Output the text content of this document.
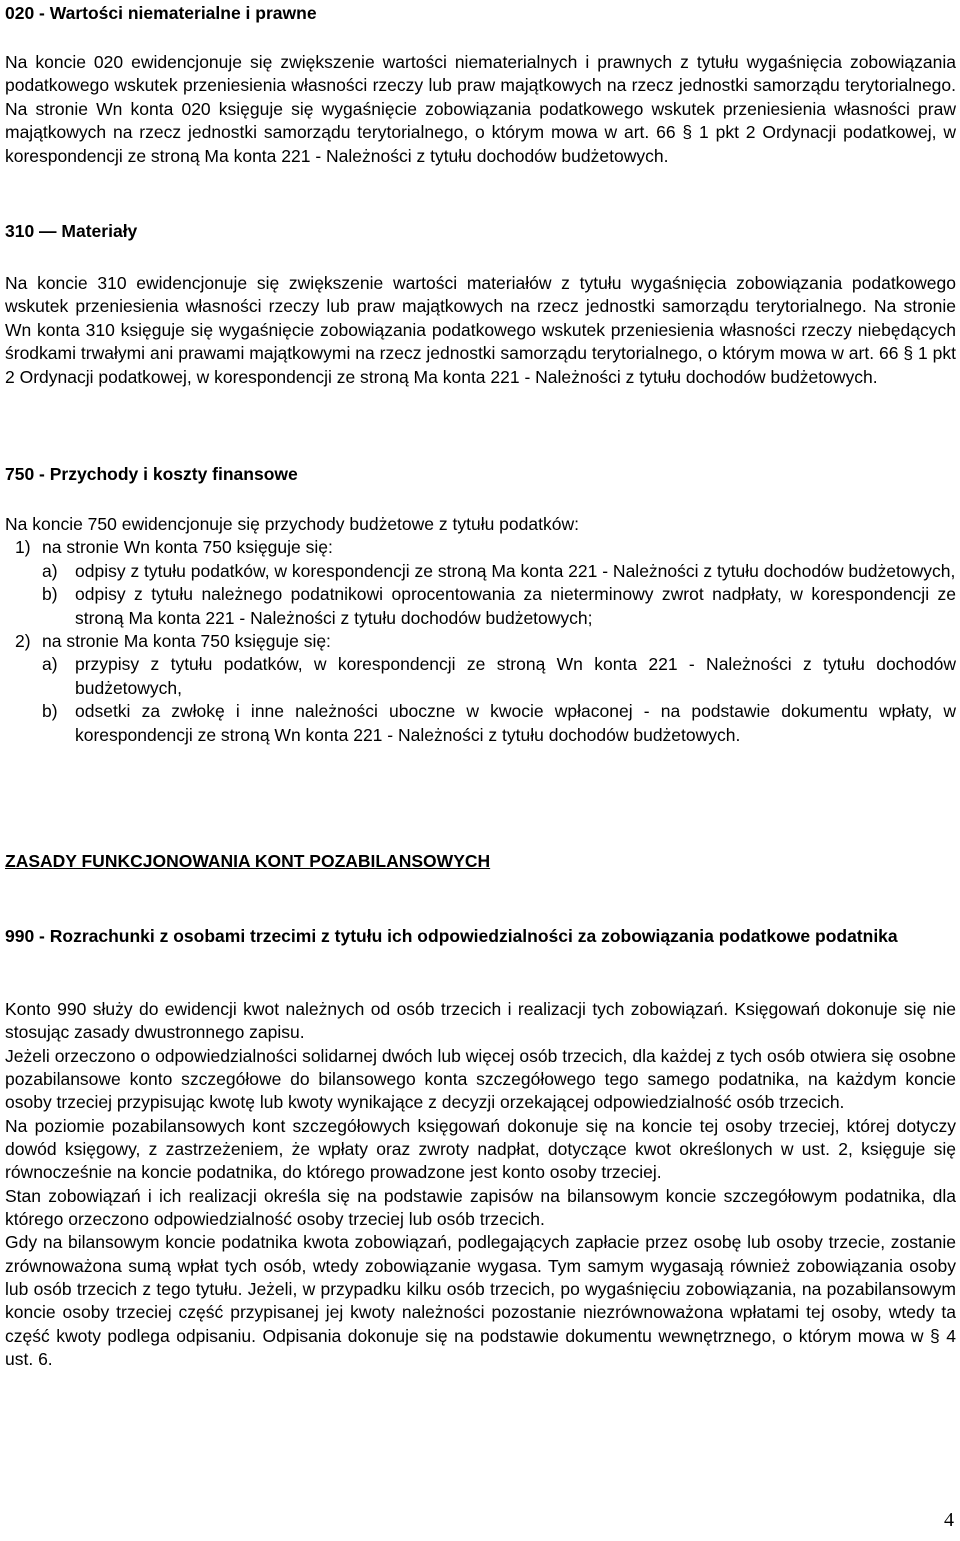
020 - Wartości niematerialne i prawne

Na koncie 020 ewidencjonuje się zwiększenie wartości niematerialnych i prawnych z tytułu wygaśnięcia zobowiązania podatkowego wskutek przeniesienia własności rzeczy lub praw majątkowych na rzecz jednostki samorządu terytorialnego. Na stronie Wn konta 020 księguje się wygaśnięcie zobowiązania podatkowego wskutek przeniesienia własności praw majątkowych na rzecz jednostki samorządu terytorialnego, o którym mowa w art. 66 § 1 pkt 2 Ordynacji podatkowej, w korespondencji ze stroną Ma konta 221 - Należności z tytułu dochodów budżetowych.

310 — Materiały

Na koncie 310 ewidencjonuje się zwiększenie wartości materiałów z tytułu wygaśnięcia zobowiązania podatkowego wskutek przeniesienia własności rzeczy lub praw majątkowych na rzecz jednostki samorządu terytorialnego. Na stronie Wn konta 310 księguje się wygaśnięcie zobowiązania podatkowego wskutek przeniesienia własności rzeczy niebędących środkami trwałymi ani prawami majątkowymi na rzecz jednostki samorządu terytorialnego, o którym mowa w art. 66 § 1 pkt 2 Ordynacji podatkowej, w korespondencji ze stroną Ma konta 221 - Należności z tytułu dochodów budżetowych.

750 - Przychody i koszty finansowe

Na koncie 750 ewidencjonuje się przychody budżetowe z tytułu podatków:

1) na stronie Wn konta 750 księguje się:
a) odpisy z tytułu podatków, w korespondencji ze stroną Ma konta 221 - Należności z tytułu dochodów budżetowych,
b) odpisy z tytułu należnego podatnikowi oprocentowania za nieterminowy zwrot nadpłaty, w korespondencji ze stroną Ma konta 221 - Należności z tytułu dochodów budżetowych;
2) na stronie Ma konta 750 księguje się:
a) przypisy z tytułu podatków, w korespondencji ze stroną Wn konta 221 - Należności z tytułu dochodów budżetowych,
b) odsetki za zwłokę i inne należności uboczne w kwocie wpłaconej - na podstawie dokumentu wpłaty, w korespondencji ze stroną Wn konta 221 - Należności z tytułu dochodów budżetowych.
ZASADY FUNKCJONOWANIA KONT POZABILANSOWYCH
990 - Rozrachunki z osobami trzecimi z tytułu ich odpowiedzialności za zobowiązania podatkowe podatnika

Konto 990 służy do ewidencji kwot należnych od osób trzecich i realizacji tych zobowiązań. Księgowań dokonuje się nie stosując zasady dwustronnego zapisu.

Jeżeli orzeczono o odpowiedzialności solidarnej dwóch lub więcej osób trzecich, dla każdej z tych osób otwiera się osobne pozabilansowe konto szczegółowe do bilansowego konta szczegółowego tego samego podatnika, na każdym koncie osoby trzeciej przypisując kwotę lub kwoty wynikające z decyzji orzekającej odpowiedzialność osób trzecich.

Na poziomie pozabilansowych kont szczegółowych księgowań dokonuje się na koncie tej osoby trzeciej, której dotyczy dowód księgowy, z zastrzeżeniem, że wpłaty oraz zwroty nadpłat, dotyczące kwot określonych w ust. 2, księguje się równocześnie na koncie podatnika, do którego prowadzone jest konto osoby trzeciej.

Stan zobowiązań i ich realizacji określa się na podstawie zapisów na bilansowym koncie szczegółowym podatnika, dla którego orzeczono odpowiedzialność osoby trzeciej lub osób trzecich.

Gdy na bilansowym koncie podatnika kwota zobowiązań, podlegających zapłacie przez osobę lub osoby trzecie, zostanie zrównoważona sumą wpłat tych osób, wtedy zobowiązanie wygasa. Tym samym wygasają również zobowiązania osoby lub osób trzecich z tego tytułu. Jeżeli, w przypadku kilku osób trzecich, po wygaśnięciu zobowiązania, na pozabilansowym koncie osoby trzeciej część przypisanej jej kwoty należności pozostanie niezrównoważona wpłatami tej osoby, wtedy ta część kwoty podlega odpisaniu. Odpisania dokonuje się na podstawie dokumentu wewnętrznego, o którym mowa w § 4 ust. 6.

4
